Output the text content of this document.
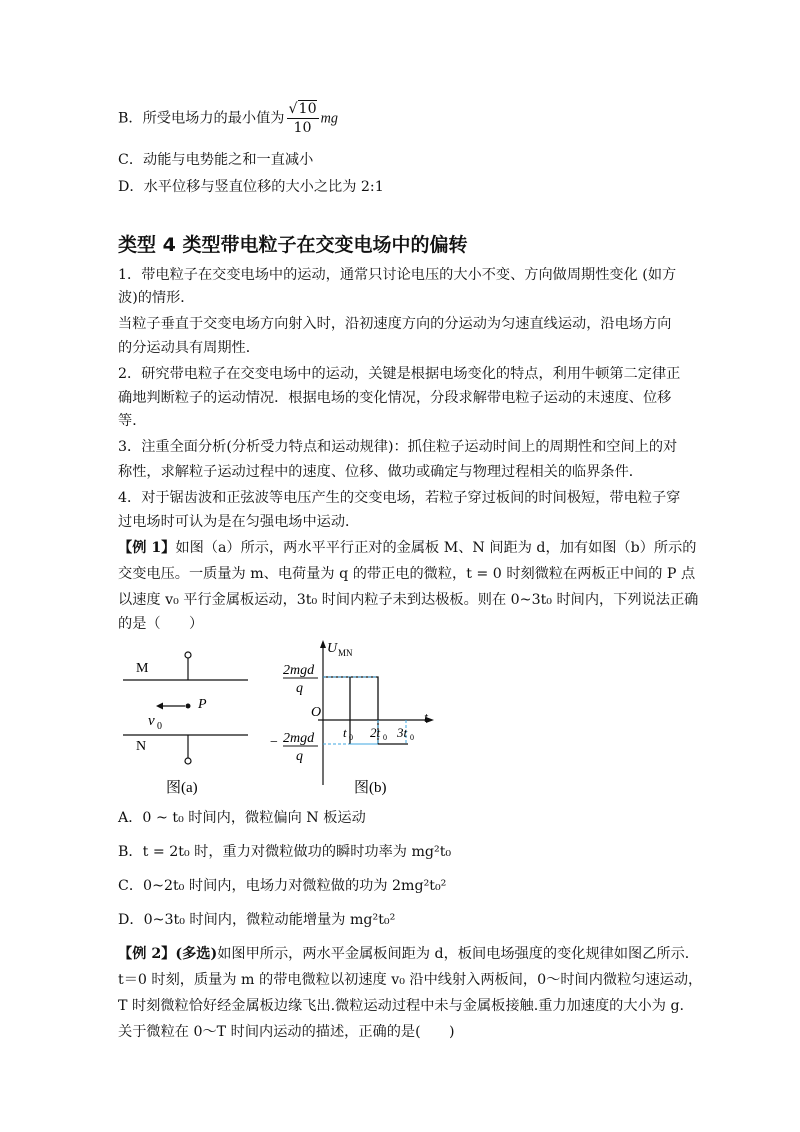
B．所受电场力的最小值为 $\frac{√10}{10}$ mg
C．动能与电势能之和一直减小
D．水平位移与竖直位移的大小之比为 2:1
类型 4 类型带电粒子在交变电场中的偏转
1．带电粒子在交变电场中的运动，通常只讨论电压的大小不变、方向做周期性变化 (如方
波)的情形．
当粒子垂直于交变电场方向射入时，沿初速度方向的分运动为匀速直线运动，沿电场方向
的分运动具有周期性．
2．研究带电粒子在交变电场中的运动，关键是根据电场变化的特点，利用牛顿第二定律正
确地判断粒子的运动情况．根据电场的变化情况，分段求解带电粒子运动的末速度、位移
等．
3．注重全面分析(分析受力特点和运动规律)：抓住粒子运动时间上的周期性和空间上的对
称性，求解粒子运动过程中的速度、位移、做功或确定与物理过程相关的临界条件．
4．对于锯齿波和正弦波等电压产生的交变电场，若粒子穿过板间的时间极短，带电粒子穿
过电场时可认为是在匀强电场中运动．
【例 1】如图（a）所示，两水平平行正对的金属板 M、N 间距为 d，加有如图（b）所示的
交变电压。一质量为 m、电荷量为 q 的带正电的微粒，t = 0 时刻微粒在两板正中间的 P 点
以速度 v₀ 平行金属板运动，3t₀ 时间内粒子未到达极板。则在 0~3t₀ 时间内，下列说法正确
的是（　　）
M
N
P
v 0
图(a)
U MN
t
O
t 0 2t 0 3t 0
2mgd
q
− 2mgd
q
图(b)
A．0 ~ t₀ 时间内，微粒偏向 N 板运动
B．t = 2t₀ 时，重力对微粒做功的瞬时功率为 mg²t₀
C．0~2t₀ 时间内，电场力对微粒做的功为 2mg²t₀²
D．0~3t₀ 时间内，微粒动能增量为 mg²t₀²
【例 2】(多选)如图甲所示，两水平金属板间距为 d，板间电场强度的变化规律如图乙所示．
t＝0 时刻，质量为 m 的带电微粒以初速度 v₀ 沿中线射入两板间，0～时间内微粒匀速运动，
T 时刻微粒恰好经金属板边缘飞出.微粒运动过程中未与金属板接触.重力加速度的大小为 g.
关于微粒在 0～T 时间内运动的描述，正确的是(　　)
